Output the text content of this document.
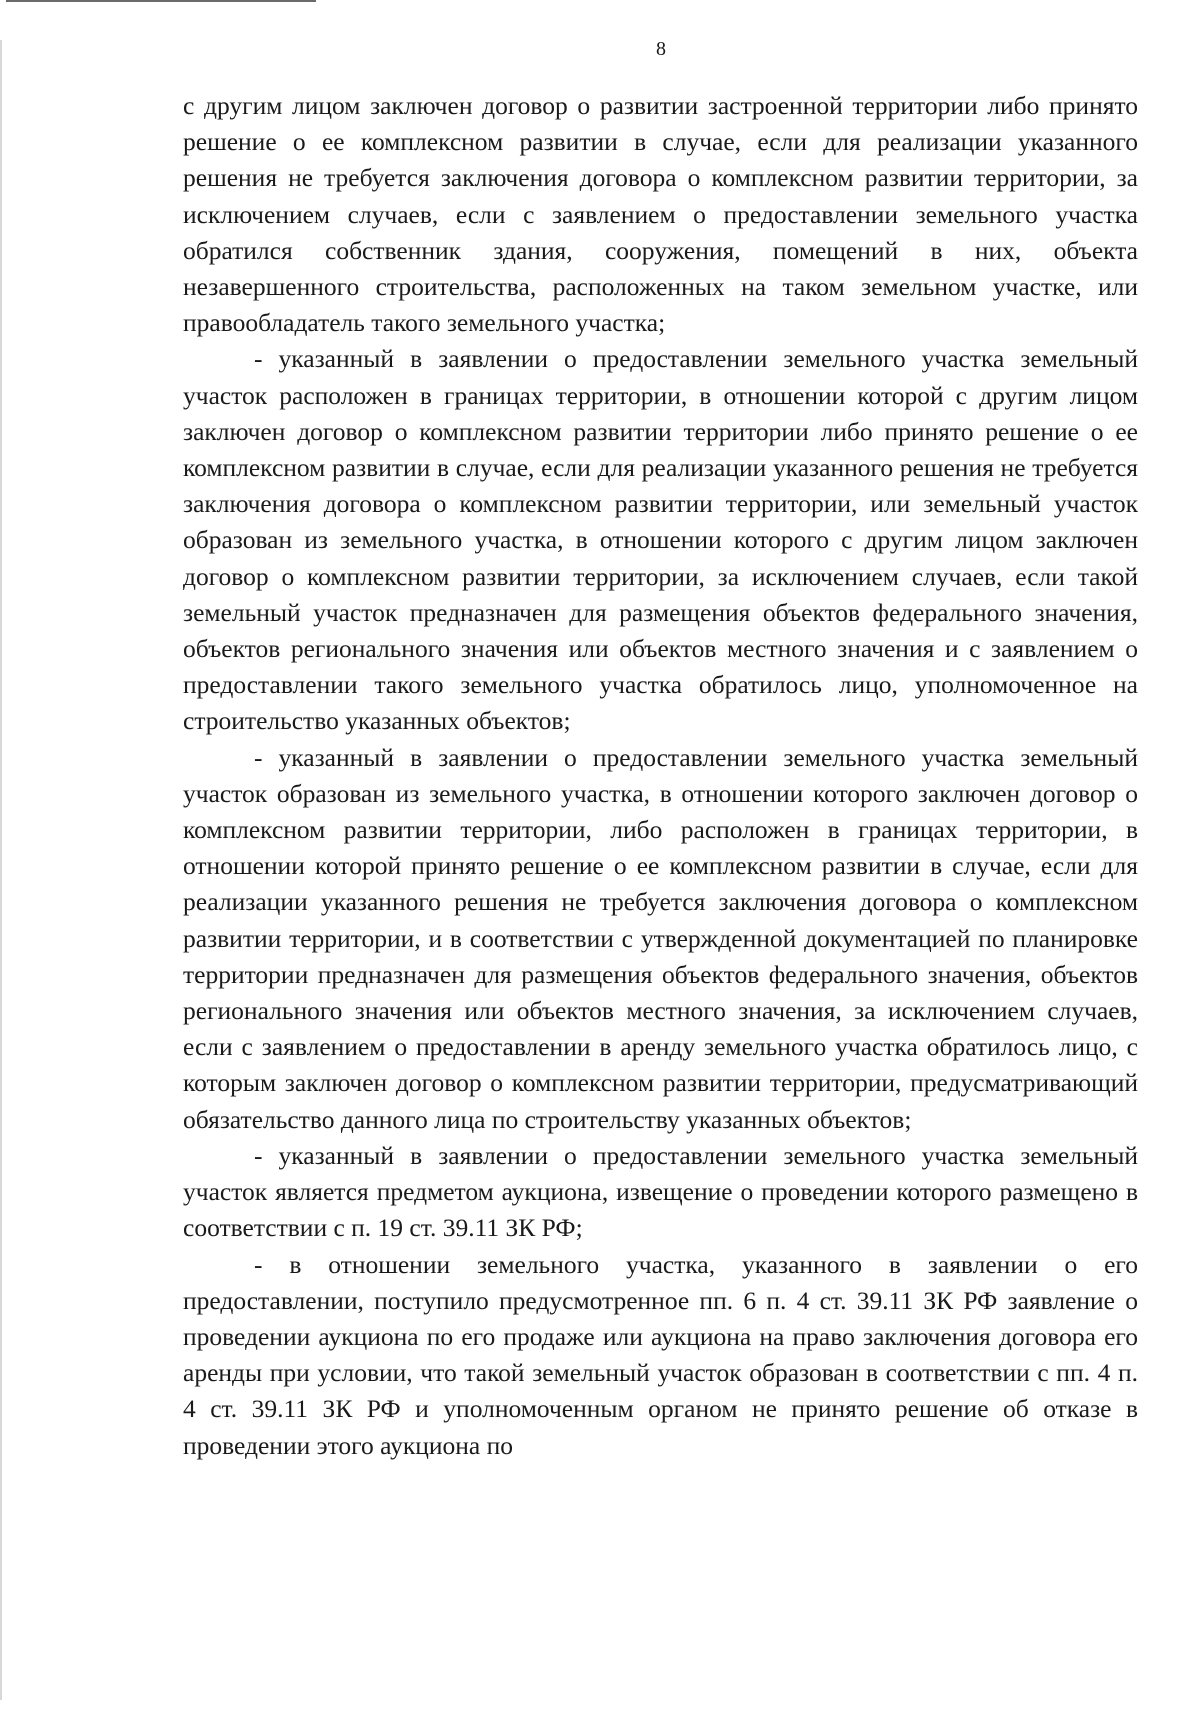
8

с другим лицом заключен договор о развитии застроенной территории либо принято решение о ее комплексном развитии в случае, если для реализации указанного решения не требуется заключения договора о комплексном развитии территории, за исключением случаев, если с заявлением о предоставлении земельного участка обратился собственник здания, сооружения, помещений в них, объекта незавершенного строительства, расположенных на таком земельном участке, или правообладатель такого земельного участка;

- указанный в заявлении о предоставлении земельного участка земельный участок расположен в границах территории, в отношении которой с другим лицом заключен договор о комплексном развитии территории либо принято решение о ее комплексном развитии в случае, если для реализации указанного решения не требуется заключения договора о комплексном развитии территории, или земельный участок образован из земельного участка, в отношении которого с другим лицом заключен договор о комплексном развитии территории, за исключением случаев, если такой земельный участок предназначен для размещения объектов федерального значения, объектов регионального значения или объектов местного значения и с заявлением о предоставлении такого земельного участка обратилось лицо, уполномоченное на строительство указанных объектов;

- указанный в заявлении о предоставлении земельного участка земельный участок образован из земельного участка, в отношении которого заключен договор о комплексном развитии территории, либо расположен в границах территории, в отношении которой принято решение о ее комплексном развитии в случае, если для реализации указанного решения не требуется заключения договора о комплексном развитии территории, и в соответствии с утвержденной документацией по планировке территории предназначен для размещения объектов федерального значения, объектов регионального значения или объектов местного значения, за исключением случаев, если с заявлением о предоставлении в аренду земельного участка обратилось лицо, с которым заключен договор о комплексном развитии территории, предусматривающий обязательство данного лица по строительству указанных объектов;

- указанный в заявлении о предоставлении земельного участка земельный участок является предметом аукциона, извещение о проведении которого размещено в соответствии с п. 19 ст. 39.11 ЗК РФ;

- в отношении земельного участка, указанного в заявлении о его предоставлении, поступило предусмотренное пп. 6 п. 4 ст. 39.11 ЗК РФ заявление о проведении аукциона по его продаже или аукциона на право заключения договора его аренды при условии, что такой земельный участок образован в соответствии с пп. 4 п. 4 ст. 39.11 ЗК РФ и уполномоченным органом не принято решение об отказе в проведении этого аукциона по
